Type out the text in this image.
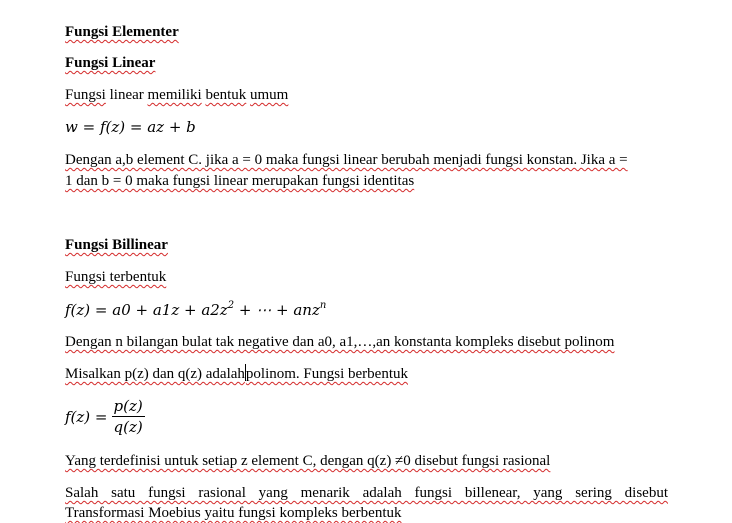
Fungsi Elementer

Fungsi Linear

Fungsi linear memiliki bentuk umum

w = f(z) = az + b

Dengan a,b element C. jika a = 0 maka fungsi linear berubah menjadi fungsi konstan. Jika a =

1 dan b = 0 maka fungsi linear merupakan fungsi identitas

Fungsi Billinear

Fungsi terbentuk

$f(z) = a0 + a1z + a2z^2$ + ⋯ + anz$^n$

Dengan n bilangan bulat tak negative dan a0, a1,…,an konstanta kompleks disebut polinom

Misalkan p(z) dan q(z) adalahpolinom. Fungsi berbentuk

$f(z) = \frac{p(z)}{q(z)}$

Yang terdefinisi untuk setiap z element C, dengan q(z) ≠0 disebut fungsi rasional

Salah satu fungsi rasional yang menarik adalah fungsi billenear, yang sering disebut

Transformasi Moebius yaitu fungsi kompleks berbentuk
